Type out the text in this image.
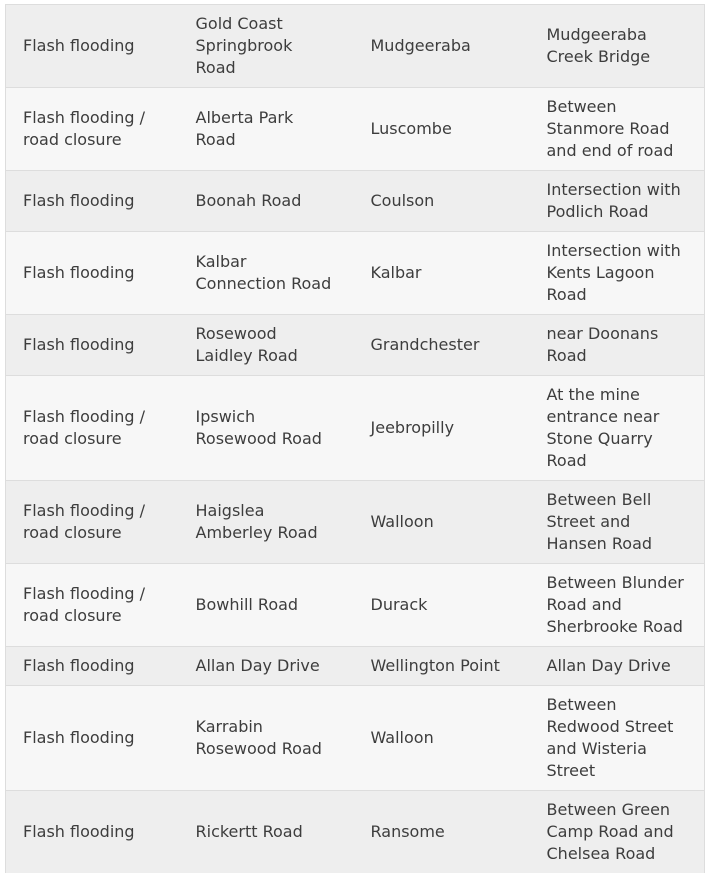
Flash flooding	Gold Coast Springbrook Road	Mudgeeraba	Mudgeeraba Creek Bridge
Flash flooding / road closure	Alberta Park Road	Luscombe	Between Stanmore Road and end of road
Flash flooding	Boonah Road	Coulson	Intersection with Podlich Road
Flash flooding	Kalbar Connection Road	Kalbar	Intersection with Kents Lagoon Road
Flash flooding	Rosewood Laidley Road	Grandchester	near Doonans Road
Flash flooding / road closure	Ipswich Rosewood Road	Jeebropilly	At the mine entrance near Stone Quarry Road
Flash flooding / road closure	Haigslea Amberley Road	Walloon	Between Bell Street and Hansen Road
Flash flooding / road closure	Bowhill Road	Durack	Between Blunder Road and Sherbrooke Road
Flash flooding	Allan Day Drive	Wellington Point	Allan Day Drive
Flash flooding	Karrabin Rosewood Road	Walloon	Between Redwood Street and Wisteria Street
Flash flooding	Rickertt Road	Ransome	Between Green Camp Road and Chelsea Road
